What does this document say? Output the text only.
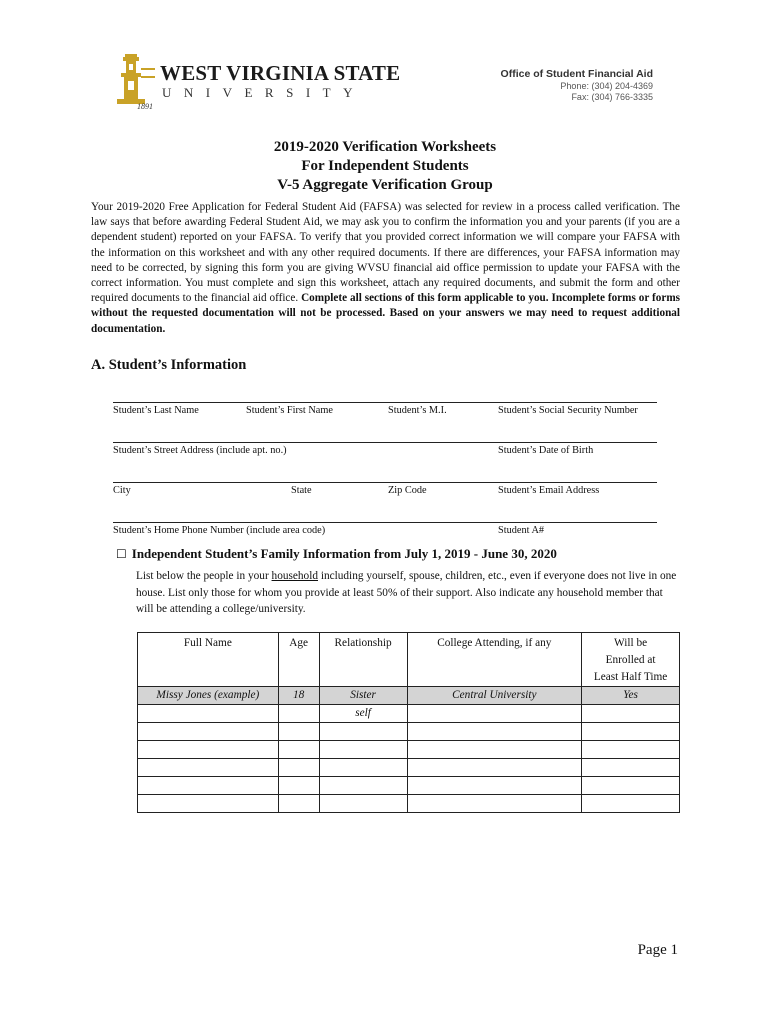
WEST VIRGINIA STATE
UNIVERSITY
1891
Office of Student Financial Aid
Phone: (304) 204-4369
Fax: (304) 766-3335
2019-2020 Verification Worksheets
For Independent Students
V-5 Aggregate Verification Group
Your 2019-2020 Free Application for Federal Student Aid (FAFSA) was selected for review in a process called verification. The law says that before awarding Federal Student Aid, we may ask you to confirm the information you and your parents (if you are a dependent student) reported on your FAFSA. To verify that you provided correct information we will compare your FAFSA with the information on this worksheet and with any other required documents. If there are differences, your FAFSA information may need to be corrected, by signing this form you are giving WVSU financial aid office permission to update your FAFSA with the correct information. You must complete and sign this worksheet, attach any required documents, and submit the form and other required documents to the financial aid office. Complete all sections of this form applicable to you. Incomplete forms or forms without the requested documentation will not be processed. Based on your answers we may need to request additional documentation.
A. Student’s Information
Student’s Last Name	Student’s First Name	Student’s M.I.	Student’s Social Security Number
Student’s Street Address (include apt. no.)	Student’s Date of Birth
City	State	Zip Code	Student’s Email Address
Student’s Home Phone Number (include area code)	Student A#
☐ Independent Student’s Family Information from July 1, 2019 - June 30, 2020
List below the people in your household including yourself, spouse, children, etc., even if everyone does not live in one house. List only those for whom you provide at least 50% of their support. Also indicate any household member that will be attending a college/university.
Full Name	Age	Relationship	College Attending, if any	Will be
Enrolled at
Least Half Time

Missy Jones (example)	18	Sister	Central University	Yes
		self		

Page 1
